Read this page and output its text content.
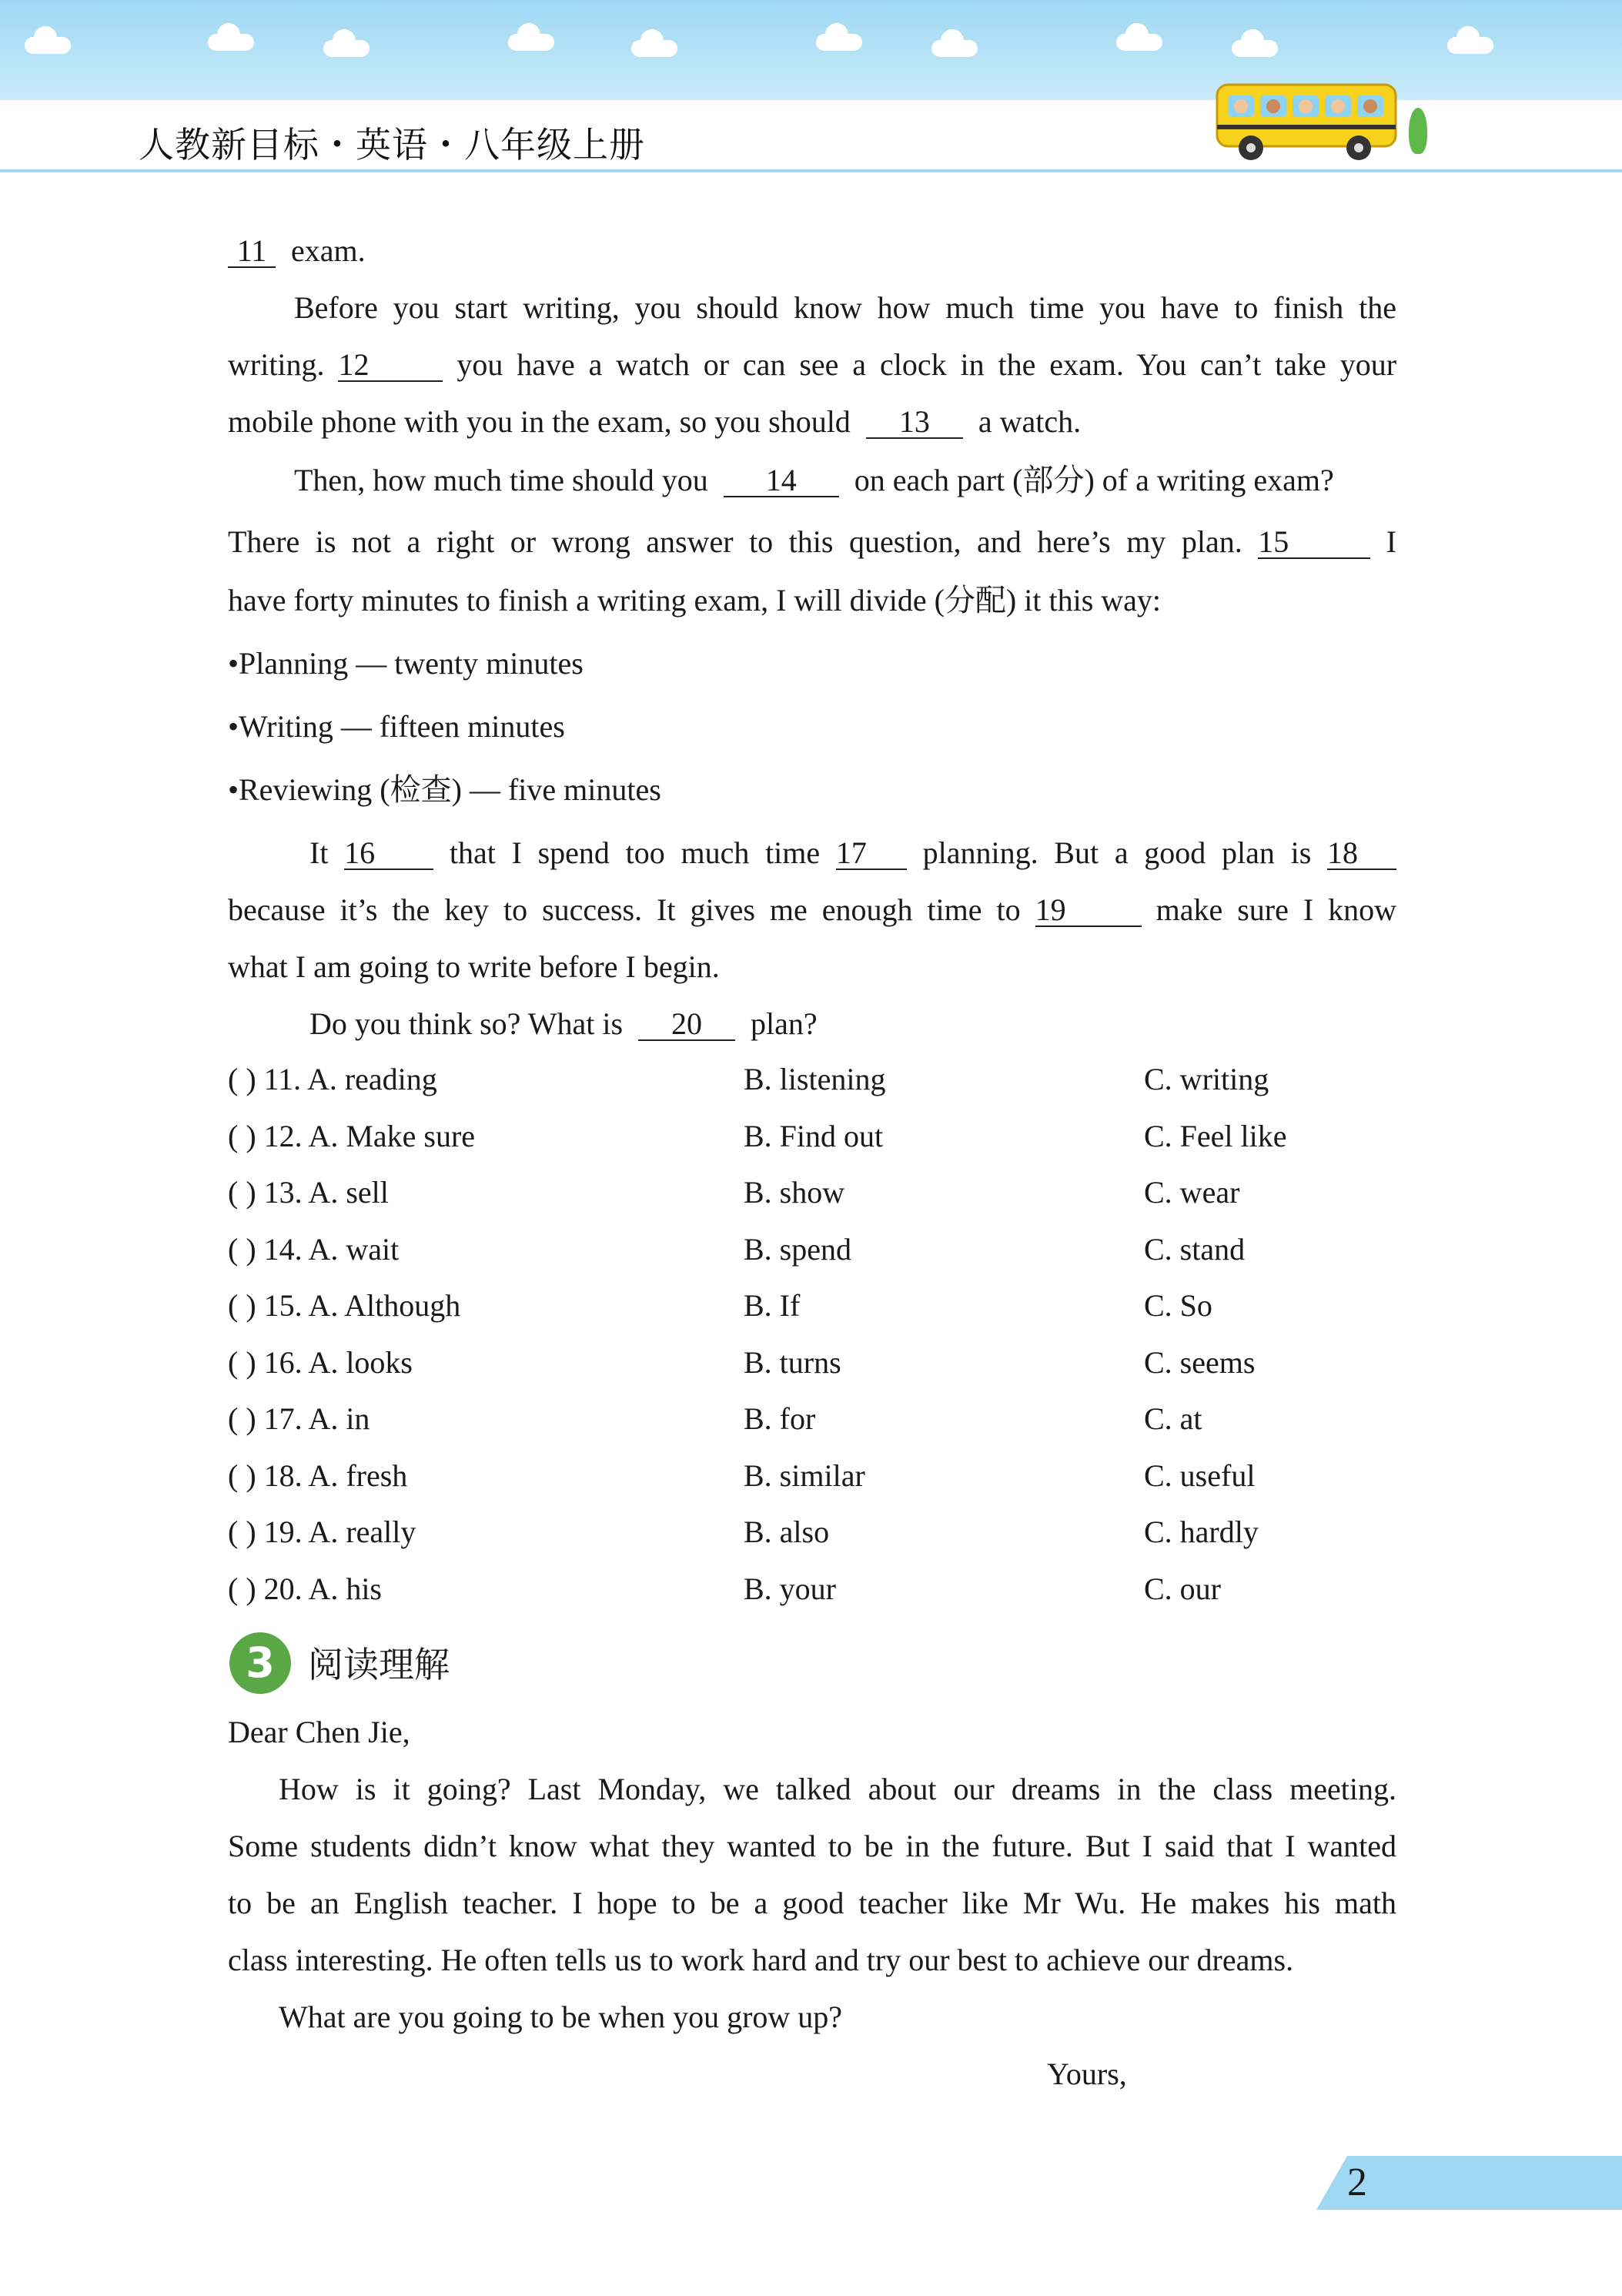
人教新目标・英语・八年级上册
11 exam.
Before you start writing, you should know how much time you have to finish the
writing. 12	you have a watch or can see a clock in the exam. You can’t take your
mobile phone with you in the exam, so you should 13 a watch.
Then, how much time should you 14 on each part (部分) of a writing exam?
There is not a right or wrong answer to this question, and here’s my plan. 15	I
have forty minutes to finish a writing exam, I will divide (分配) it this way:
•Planning — twenty minutes
•Writing — fifteen minutes
•Reviewing (检查) — five minutes
It 16 that I spend too much time 17 planning. But a good plan is 18
because it’s the key to success. It gives me enough time to 19	make sure I know
what I am going to write before I begin.
Do you think so? What is 20 plan?
( ) 11. A. reading	B. listening	C. writing
( ) 12. A. Make sure	B. Find out	C. Feel like
( ) 13. A. sell	B. show	C. wear
( ) 14. A. wait	B. spend	C. stand
( ) 15. A. Although	B. If	C. So
( ) 16. A. looks	B. turns	C. seems
( ) 17. A. in	B. for	C. at
( ) 18. A. fresh	B. similar	C. useful
( ) 19. A. really	B. also	C. hardly
( ) 20. A. his	B. your	C. our
3 阅读理解
Dear Chen Jie,
How is it going? Last Monday, we talked about our dreams in the class meeting.
Some students didn’t know what they wanted to be in the future. But I said that I wanted
to be an English teacher. I hope to be a good teacher like Mr Wu. He makes his math
class interesting. He often tells us to work hard and try our best to achieve our dreams.
What are you going to be when you grow up?
Yours,
2
